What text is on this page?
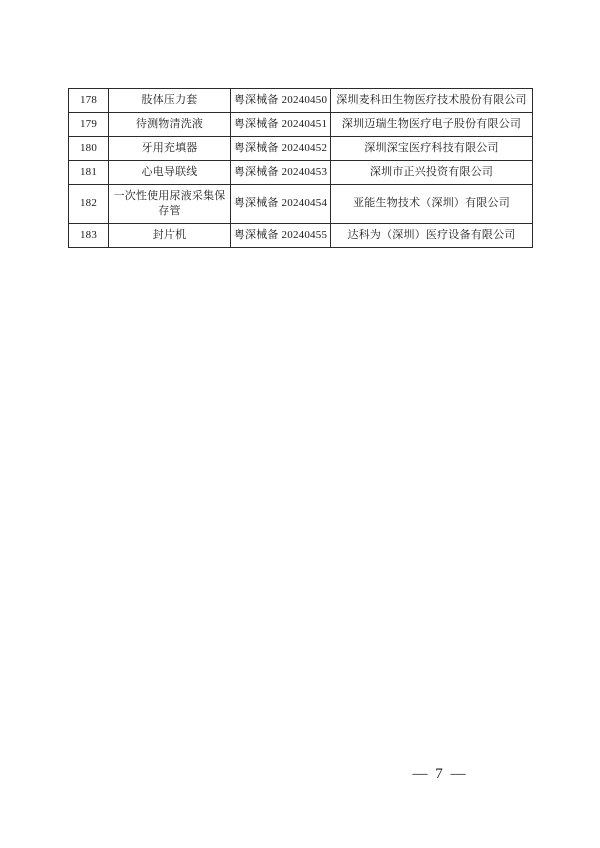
178	肢体压力套	粤深械备 20240450	深圳麦科田生物医疗技术股份有限公司
179	待测物清洗液	粤深械备 20240451	深圳迈瑞生物医疗电子股份有限公司
180	牙用充填器	粤深械备 20240452	深圳深宝医疗科技有限公司
181	心电导联线	粤深械备 20240453	深圳市正兴投资有限公司
182	一次性使用尿液采集保存管	粤深械备 20240454	亚能生物技术（深圳）有限公司
183	封片机	粤深械备 20240455	达科为（深圳）医疗设备有限公司
— 7 —
